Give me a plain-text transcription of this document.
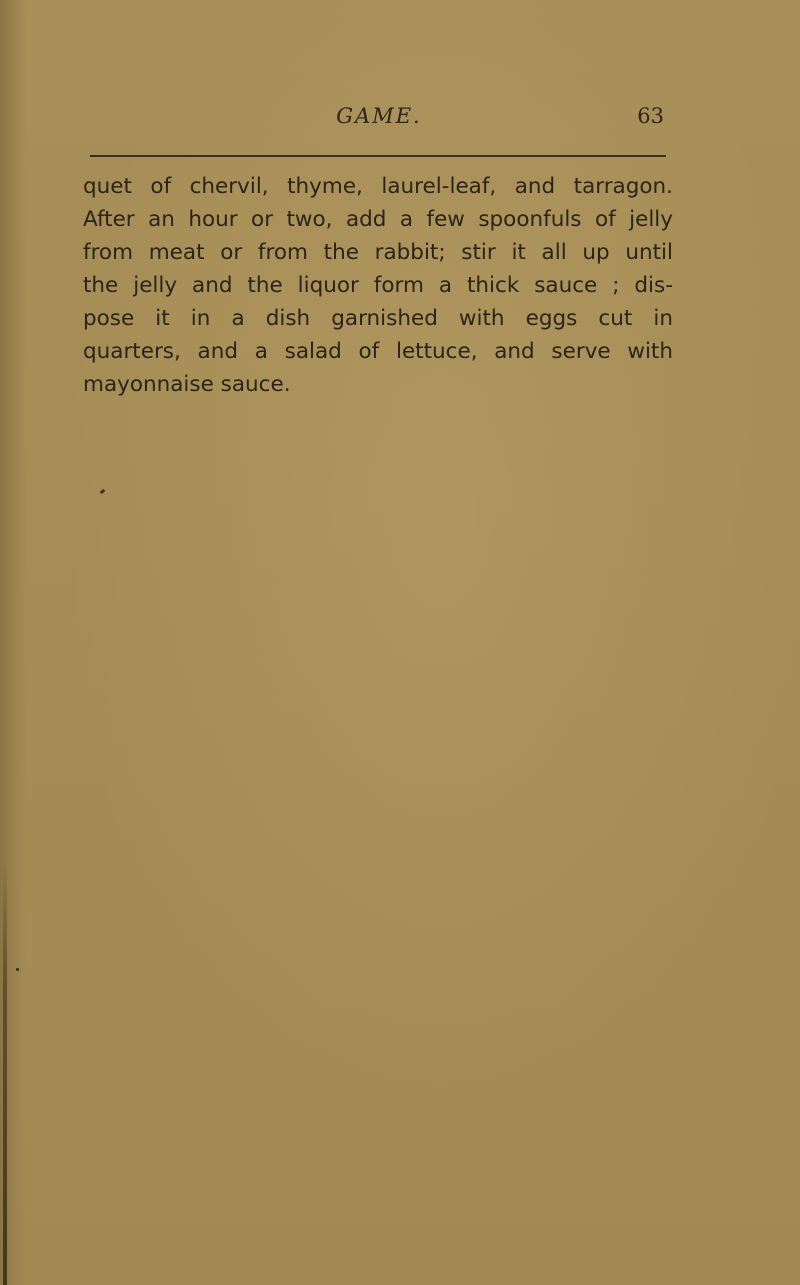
GAME.	63
quet of chervil, thyme, laurel-leaf, and tarragon.
After an hour or two, add a few spoonfuls of jelly
from meat or from the rabbit; stir it all up until
the jelly and the liquor form a thick sauce ; dis-
pose it in a dish garnished with eggs cut in
quarters, and a salad of lettuce, and serve with
mayonnaise sauce.
